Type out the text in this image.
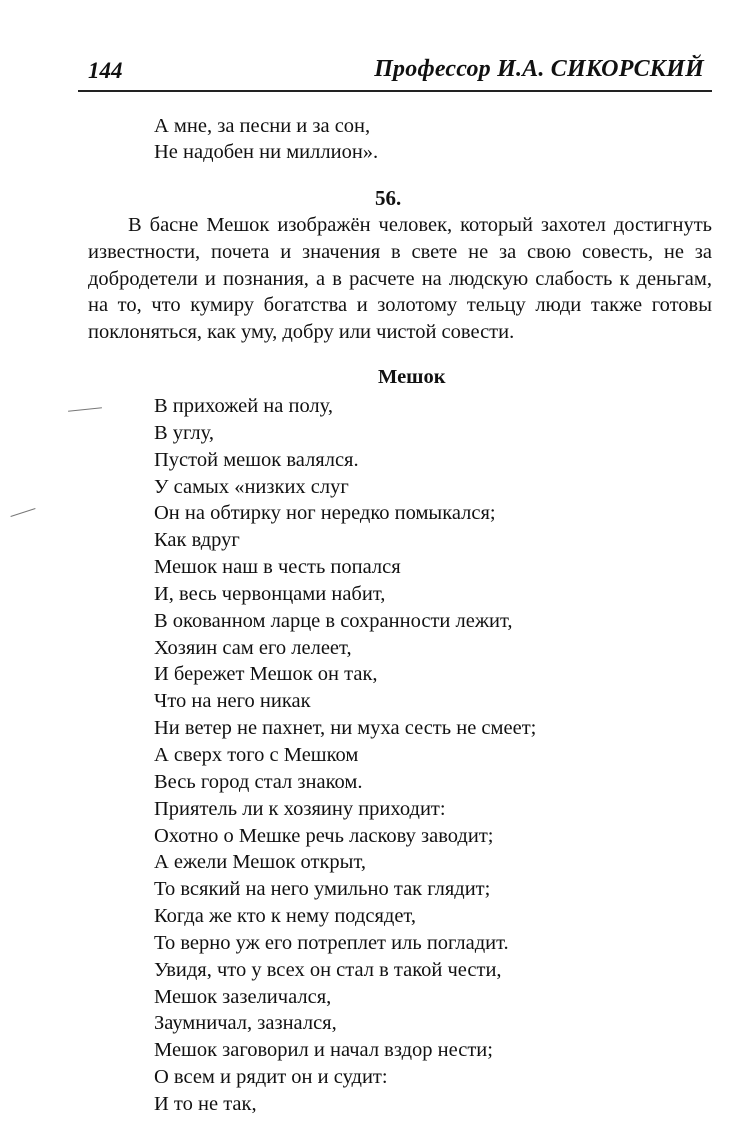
144	Профессор И.А. СИКОРСКИЙ
А мне, за песни и за сон,
Не надобен ни миллион».
56.
В басне Мешок изображён человек, который захотел достигнуть известности, почета и значения в свете не за свою совесть, не за добродетели и познания, а в расчете на людскую слабость к деньгам, на то, что кумиру богатства и золотому тельцу люди также готовы поклоняться, как уму, добру или чистой совести.
Мешок
В прихожей на полу,
В углу,
Пустой мешок валялся.
У самых «низких слуг
Он на обтирку ног нередко помыкался;
Как вдруг
Мешок наш в честь попался
И, весь червонцами набит,
В окованном ларце в сохранности лежит,
Хозяин сам его лелеет,
И бережет Мешок он так,
Что на него никак
Ни ветер не пахнет, ни муха сесть не смеет;
А сверх того с Мешком
Весь город стал знаком.
Приятель ли к хозяину приходит:
Охотно о Мешке речь ласкову заводит;
А ежели Мешок открыт,
То всякий на него умильно так глядит;
Когда же кто к нему подсядет,
То верно уж его потреплет иль погладит.
Увидя, что у всех он стал в такой чести,
Мешок зазеличался,
Заумничал, зазнался,
Мешок заговорил и начал вздор нести;
О всем и рядит он и судит:
И то не так,
